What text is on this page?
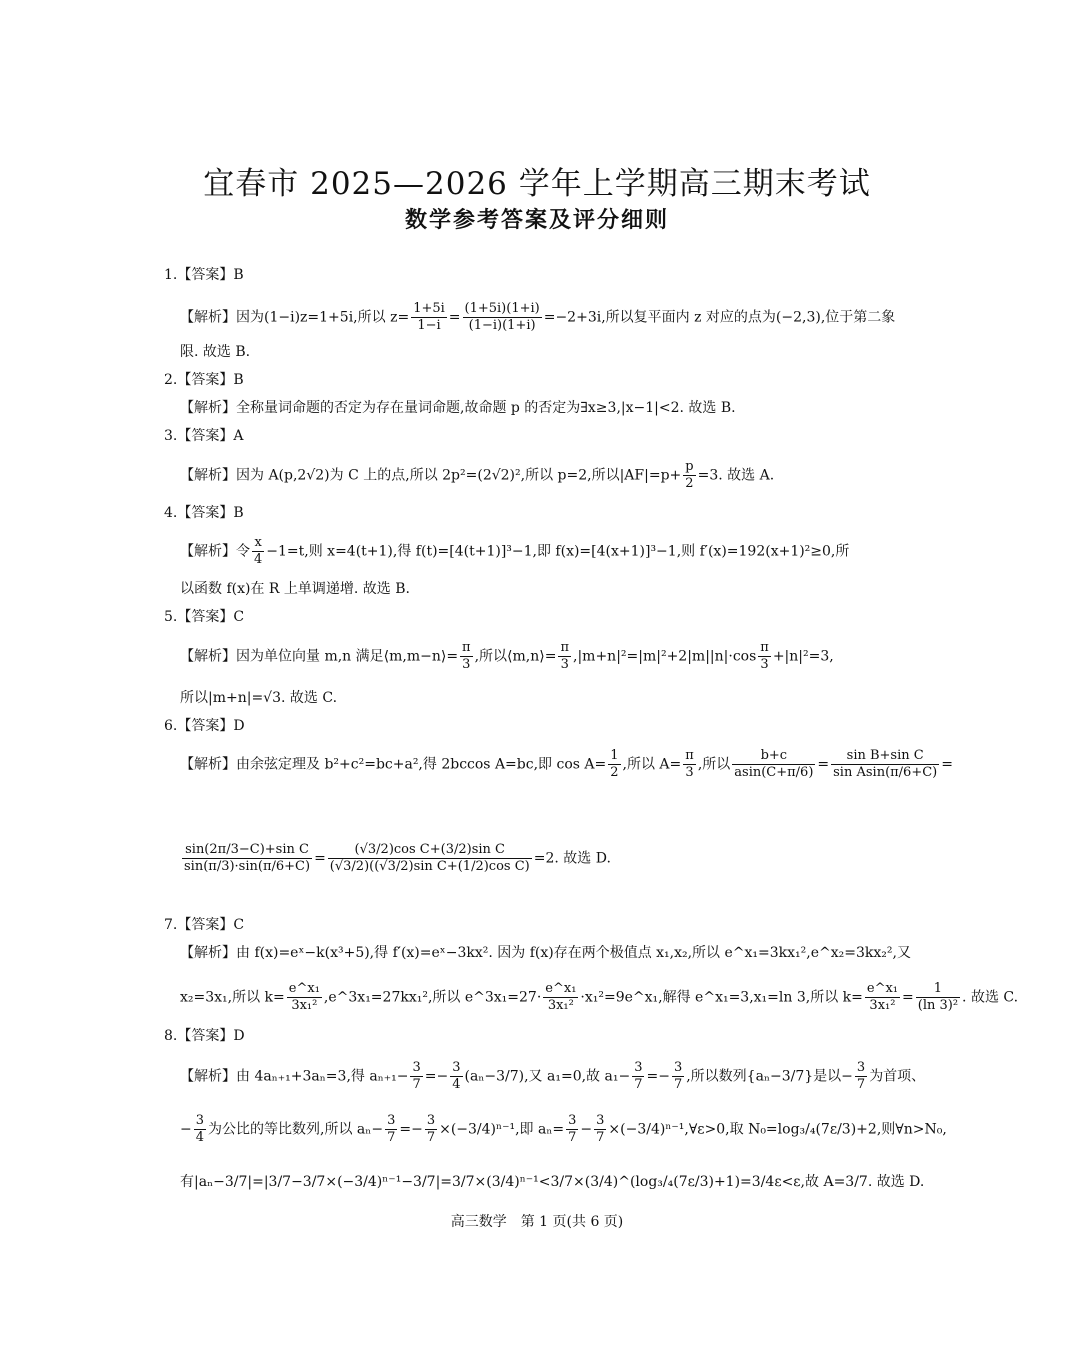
宜春市 2025—2026 学年上学期高三期末考试
数学参考答案及评分细则
1.【答案】B
【解析】因为(1−i)z=1+5i,所以 $z= \frac{1+5i}{1-i} = \frac{(1+5i)(1+i)}{(1-i)(1+i)} =-2+3i$,所以复平面内 z 对应的点为(−2,3),位于第二象
限. 故选 B.
2.【答案】B
【解析】全称量词命题的否定为存在量词命题,故命题 p 的否定为∃x≥3,|x−1|<2. 故选 B.
3.【答案】A
【解析】因为 A(p,2√2)为 C 上的点,所以 2p²=(2√2)²,所以 p=2,所以$|AF|=p+ \frac{p}{2} =3$. 故选 A.
4.【答案】B
【解析】令 $\frac{x}{4} -1=t$,则 x=4(t+1),得 f(t)=[4(t+1)]³−1,即 f(x)=[4(x+1)]³−1,则 f′(x)=192(x+1)²≥0,所
以函数 f(x)在 R 上单调递增. 故选 B.
5.【答案】C
【解析】因为单位向量 m,n 满足⟨m,m−n⟩= $\frac{\pi}{3}$ ,所以⟨m,n⟩= $\frac{\pi}{3} ,|m+n|^2=|m|^2+2|m||n|\cdot\cos \frac{\pi}{3} +|n|^2=3$,
所以|m+n|=√3. 故选 C.
6.【答案】D
【解析】由余弦定理及 b²+c²=bc+a²,得 2bccos A=bc,即 $\cos A= \frac{1}{2}$ ,所以 $A= \frac{\pi}{3}$ ,所以 $\frac{b+c}{asin(C+\pi/6)} = \frac{\text{sin B+sin C}}{\text{sin Asin(π/6+C)}}$ =
$\frac{\text{sin(2π/3−C)+sin C}}{\sin(\pi/3)\cdot\sin(\pi/6+C)} = \frac{\text{(√3/2)cos C+(3/2)sin C}}{\text{(√3/2)((√3/2)sin C+(1/2)cos C)}} =2$. 故选 D.
7.【答案】C
【解析】由 f(x)=eˣ−k(x³+5),得 f′(x)=eˣ−3kx². 因为 f(x)存在两个极值点 x₁,x₂,所以 e^x₁=3kx₁²,e^x₂=3kx₂²,又
x₂=3x₁,所以 $k= \frac{\text{e\textasciicircum{}x₁}}{\text{3x₁²}}$ ,e^3x₁=27kx₁²,所以 e^3x₁=27· $\frac{\text{e\textasciicircum{}x₁}}{\text{3x₁²}}$ ·x₁²=9e^x₁,解得 e^x₁=3,x₁=ln 3,所以 $k= \frac{\text{e\textasciicircum{}x₁}}{\text{3x₁²}} = \frac{1}{\text{(ln 3)²}}$ . 故选 C.
8.【答案】D
【解析】由 4aₙ₊₁+3aₙ=3,得 $a_{n+1}- \frac{3}{7} =- \frac{3}{4} (a_n-3/7)$,又 a₁=0,故 $a_1- \frac{3}{7} =- \frac{3}{7}$ ,所以数列{aₙ−3/7}是以− $\frac{3}{7}$ 为首项、
− $\frac{3}{4}$ 为公比的等比数列,所以 $a_n- \frac{3}{7} =- \frac{3}{7} \times(-3/4)^{n-1}$,即 $a_n= \frac{3}{7} - \frac{3}{7}$ ×(−3/4)ⁿ⁻¹,∀ε>0,取 N₀=log₃/₄(7ε/3)+2,则∀n>N₀,
有|aₙ−3/7|=|3/7−3/7×(−3/4)ⁿ⁻¹−3/7|=3/7×(3/4)ⁿ⁻¹<3/7×(3/4)^(log₃/₄(7ε/3)+1)=3/4ε<ε,故 A=3/7. 故选 D.
高三数学　第 1 页(共 6 页)
